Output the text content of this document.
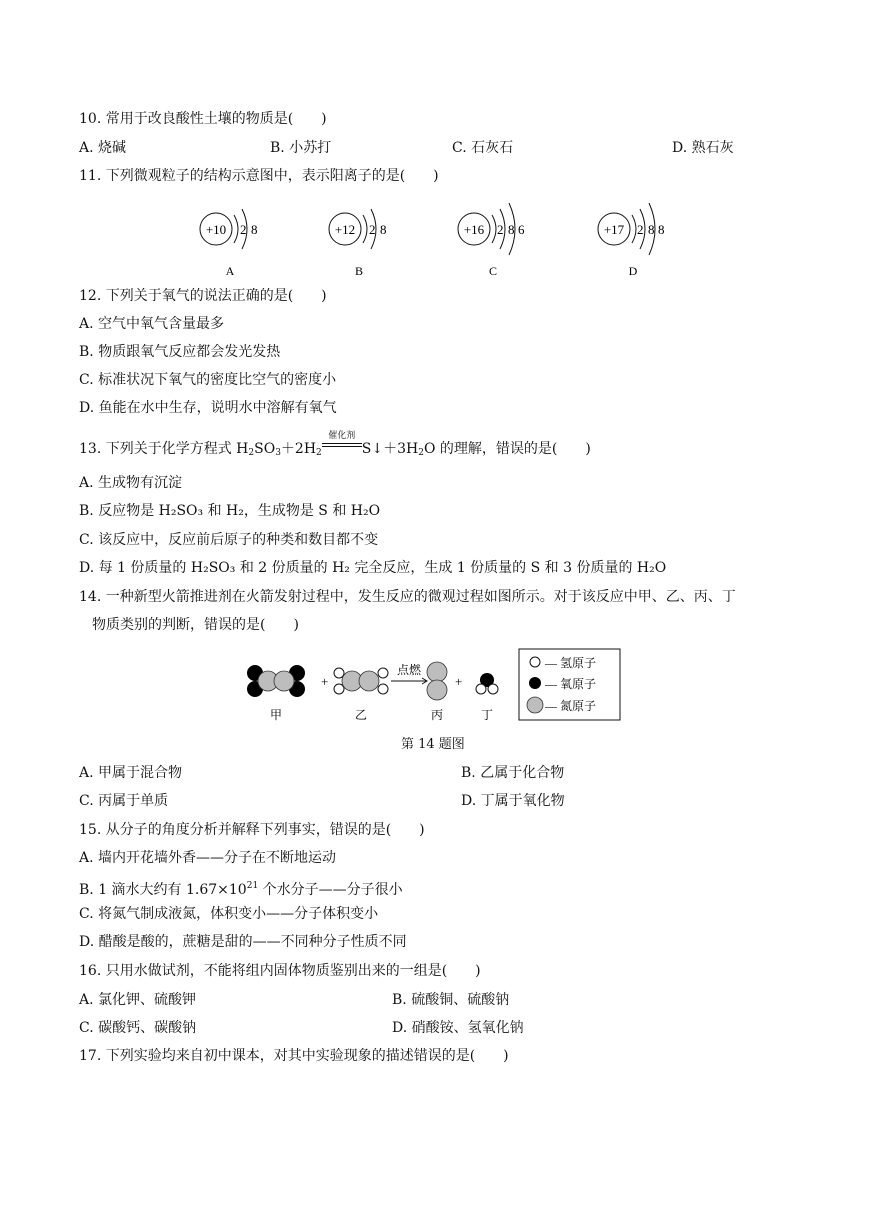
10. 常用于改良酸性土壤的物质是(　　)
A. 烧碱	B. 小苏打	C. 石灰石	D. 熟石灰
11. 下列微观粒子的结构示意图中，表示阳离子的是(　　)
+10 2 8
A
+12 2 8
B
+16 2 8 6
C
+17 2 8 8
D
12. 下列关于氧气的说法正确的是(　　)
A. 空气中氧气含量最多
B. 物质跟氧气反应都会发光发热
C. 标准状况下氧气的密度比空气的密度小
D. 鱼能在水中生存，说明水中溶解有氧气
13. 下列关于化学方程式 $H_2SO_3+2H_2$
催化剂
$S↓+3H_2O$ 的理解，错误的是(　　)
A. 生成物有沉淀
B. 反应物是 H₂SO₃ 和 H₂，生成物是 S 和 H₂O
C. 该反应中，反应前后原子的种类和数目都不变
D. 每 1 份质量的 H₂SO₃ 和 2 份质量的 H₂ 完全反应，生成 1 份质量的 S 和 3 份质量的 H₂O
14. 一种新型火箭推进剂在火箭发射过程中，发生反应的微观过程如图所示。对于该反应中甲、乙、丙、丁
物质类别的判断，错误的是(　　)
+
点燃
+
甲	乙	丙	丁
— 氢原子
— 氧原子
— 氮原子
第 14 题图
A. 甲属于混合物	B. 乙属于化合物
C. 丙属于单质	D. 丁属于氧化物
15. 从分子的角度分析并解释下列事实，错误的是(　　)
A. 墙内开花墙外香——分子在不断地运动
B. 1 滴水大约有 $1.67\times 10^{21}$ 个水分子——分子很小
C. 将氮气制成液氮，体积变小——分子体积变小
D. 醋酸是酸的，蔗糖是甜的——不同种分子性质不同
16. 只用水做试剂，不能将组内固体物质鉴别出来的一组是(　　)
A. 氯化钾、硫酸钾	B. 硫酸铜、硫酸钠
C. 碳酸钙、碳酸钠	D. 硝酸铵、氢氧化钠
17. 下列实验均来自初中课本，对其中实验现象的描述错误的是(　　)
